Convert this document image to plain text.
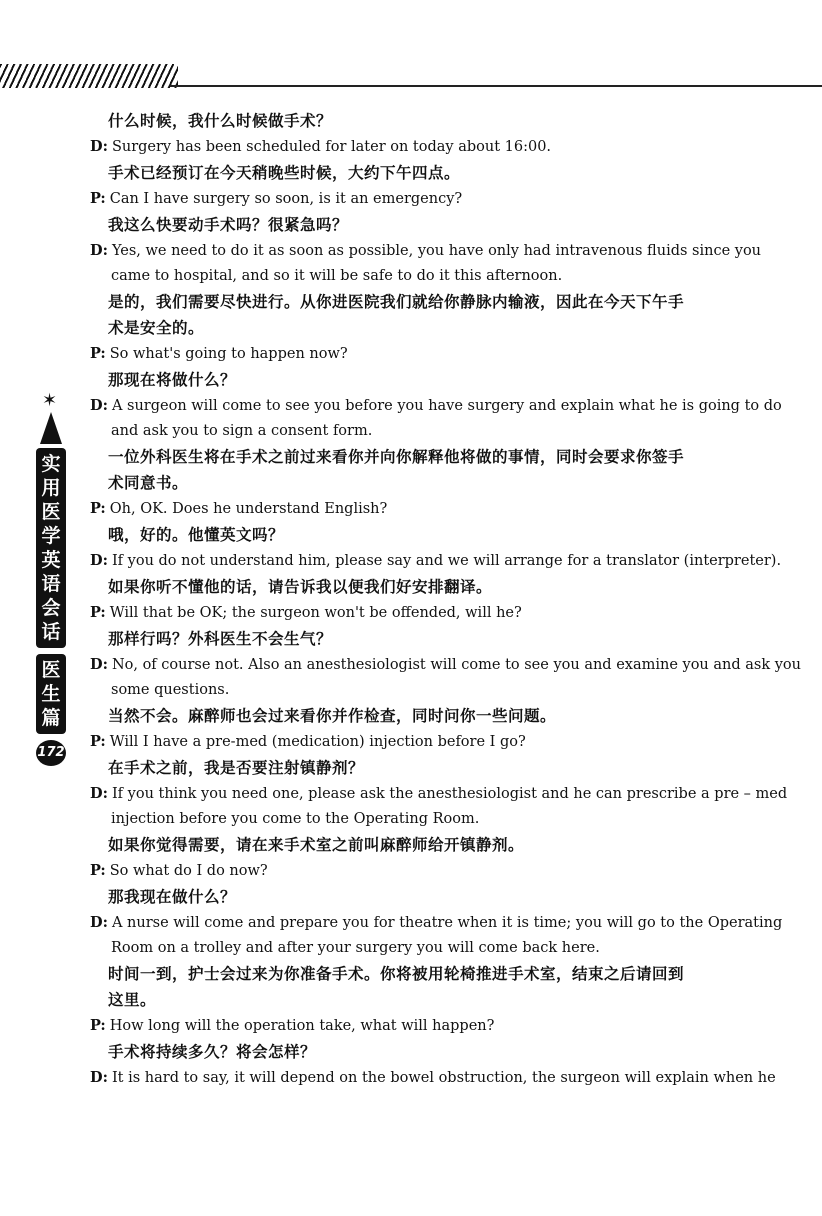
✶
实
用
医
学
英
语
会
话
医
生
篇
172
什么时候，我什么时候做手术？
D: Surgery has been scheduled for later on today about 16:00.
手术已经预订在今天稍晚些时候，大约下午四点。
P: Can I have surgery so soon, is it an emergency?
我这么快要动手术吗？很紧急吗？
D: Yes, we need to do it as soon as possible, you have only had intravenous fluids since you
came to hospital, and so it will be safe to do it this afternoon.
是的，我们需要尽快进行。从你进医院我们就给你静脉内输液，因此在今天下午手
术是安全的。
P: So what's going to happen now?
那现在将做什么？
D: A surgeon will come to see you before you have surgery and explain what he is going to do
and ask you to sign a consent form.
一位外科医生将在手术之前过来看你并向你解释他将做的事情，同时会要求你签手
术同意书。
P: Oh, OK. Does he understand English?
哦，好的。他懂英文吗？
D: If you do not understand him, please say and we will arrange for a translator (interpreter).
如果你听不懂他的话，请告诉我以便我们好安排翻译。
P: Will that be OK; the surgeon won't be offended, will he?
那样行吗？外科医生不会生气？
D: No, of course not. Also an anesthesiologist will come to see you and examine you and ask you
some questions.
当然不会。麻醉师也会过来看你并作检查，同时问你一些问题。
P: Will I have a pre-med (medication) injection before I go?
在手术之前，我是否要注射镇静剂？
D: If you think you need one, please ask the anesthesiologist and he can prescribe a pre – med
injection before you come to the Operating Room.
如果你觉得需要，请在来手术室之前叫麻醉师给开镇静剂。
P: So what do I do now?
那我现在做什么？
D: A nurse will come and prepare you for theatre when it is time; you will go to the Operating
Room on a trolley and after your surgery you will come back here.
时间一到，护士会过来为你准备手术。你将被用轮椅推进手术室，结束之后请回到
这里。
P: How long will the operation take, what will happen?
手术将持续多久？将会怎样？
D: It is hard to say, it will depend on the bowel obstruction, the surgeon will explain when he
